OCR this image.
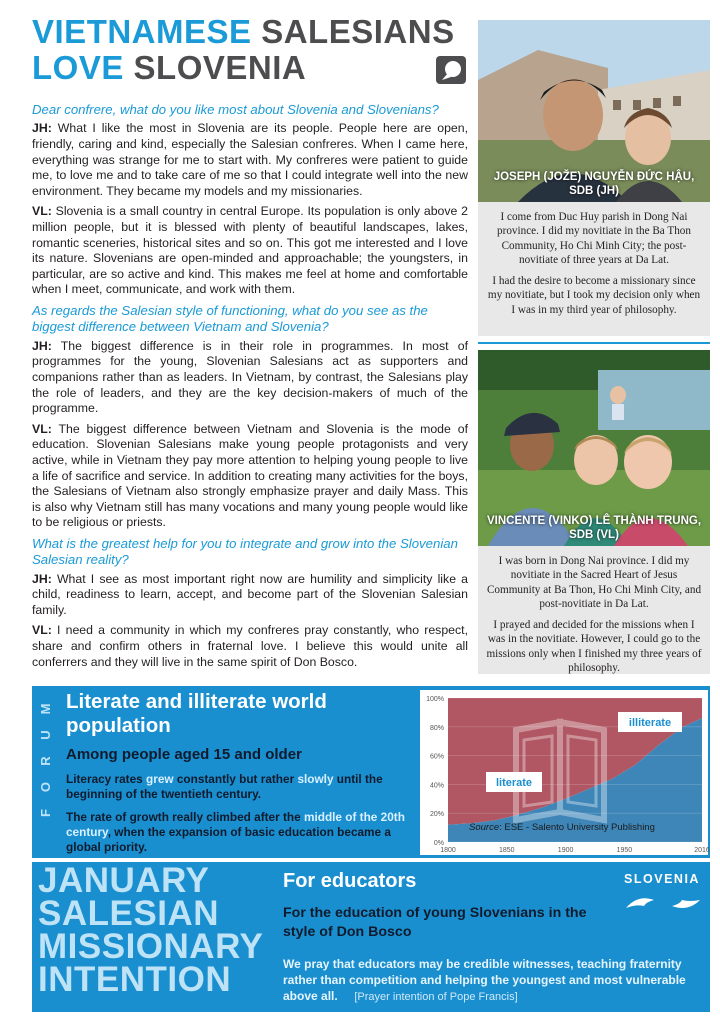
VIETNAMESE SALESIANS
LOVE SLOVENIA

Dear confrere, what do you like most about Slovenia and Slovenians?

JH: What I like the most in Slovenia are its people. People here are open, friendly, caring and kind, especially the Salesian confreres. When I came here, everything was strange for me to start with. My confreres were patient to guide me, to love me and to take care of me so that I could integrate well into the new environment. They became my models and my missionaries.

VL: Slovenia is a small country in central Europe. Its population is only above 2 million people, but it is blessed with plenty of beautiful landscapes, lakes, romantic sceneries, historical sites and so on. This got me interested and I love its nature. Slovenians are open-minded and approachable; the youngsters, in particular, are so active and kind. This makes me feel at home and comfortable when I meet, communicate, and work with them.

As regards the Salesian style of functioning, what do you see as the biggest difference between Vietnam and Slovenia?

JH: The biggest difference is in their role in programmes. In most of programmes for the young, Slovenian Salesians act as supporters and companions rather than as leaders. In Vietnam, by contrast, the Salesians play the role of leaders, and they are the key decision-makers of much of the programme.

VL: The biggest difference between Vietnam and Slovenia is the mode of education. Slovenian Salesians make young people protagonists and very active, while in Vietnam they pay more attention to helping young people to live a life of sacrifice and service. In addition to creating many activities for the boys, the Salesians of Vietnam also strongly emphasize prayer and daily Mass. This is also why Vietnam still has many vocations and many young people would like to be religious or priests.

What is the greatest help for you to integrate and grow into the Slovenian Salesian reality?

JH: What I see as most important right now are humility and simplicity like a child, readiness to learn, accept, and become part of the Slovenian Salesian family.

VL: I need a community in which my confreres pray constantly, who respect, share and confirm others in fraternal love. I believe this would unite all conferrers and they will live in the same spirit of Don Bosco.

JOSEPH (JOŽE) NGUYỄN ĐỨC HẬU,
SDB (JH)

I come from Duc Huy parish in Dong Nai province. I did my novitiate in the Ba Thon Community, Ho Chi Minh City; the post-novitiate of three years at Da Lat.

I had the desire to become a missionary since my novitiate, but I took my decision only when I was in my third year of philosophy.

VINCENTE (VINKO) LÊ THÀNH TRUNG,
SDB (VL)

I was born in Dong Nai province. I did my novitiate in the Sacred Heart of Jesus Community at Ba Thon, Ho Chi Minh City, and post-novitiate in Da Lat.

I prayed and decided for the missions when I was in the novitiate. However, I could go to the missions only when I finished my three years of philosophy.

M
U
R
O
F
Literate and illiterate world population
Among people aged 15 and older
Literacy rates grew constantly but rather slowly until the beginning of the twentieth century.
The rate of growth really climbed after the middle of the 20th century, when the expansion of basic education became a global priority.	0%
20%
40%
60%
80%
100%
1800	1850	1900	1950	2016
illiterate
literate
Source: ESE - Salento University Publishing
JANUARY
SALESIAN
MISSIONARY
INTENTION
For educators
For the education of young Slovenians in the style of Don Bosco
We pray that educators may be credible witnesses, teaching fraternity rather than competition and helping the youngest and most vulnerable above all. [Prayer intention of Pope Francis]
SLOVENIA
